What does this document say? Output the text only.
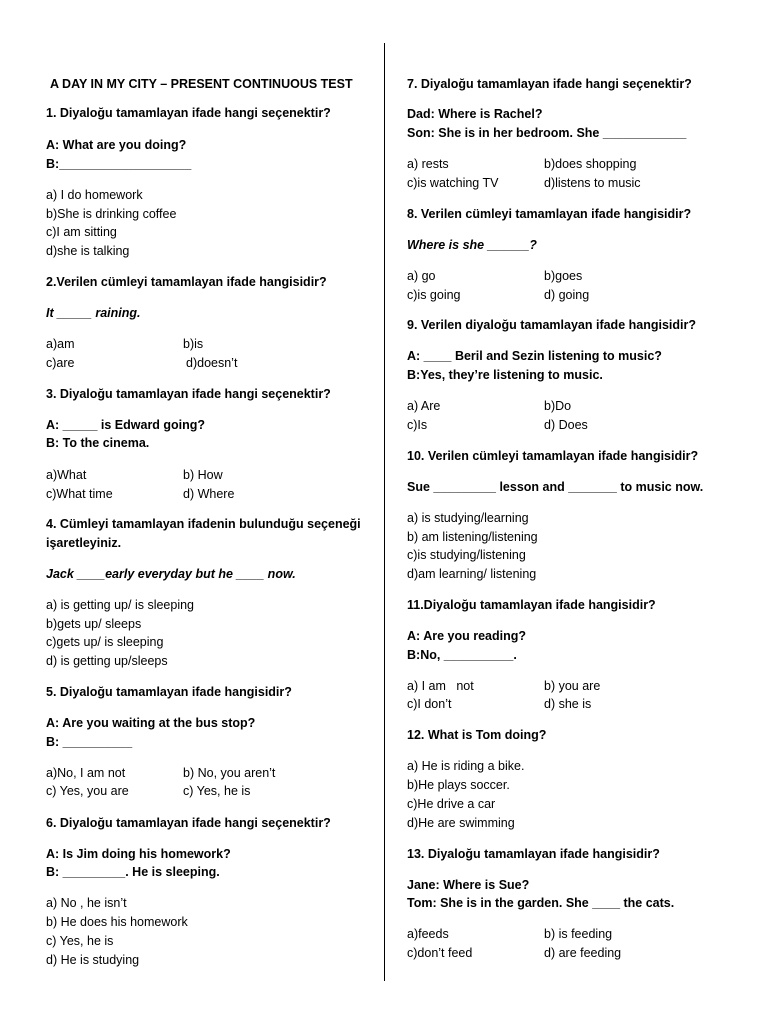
A DAY IN MY CITY – PRESENT CONTINUOUS TEST
1. Diyaloğu tamamlayan ifade hangi seçenektir?
A: What are you doing?
B:___________________
a) I do homework
b)She is drinking coffee
c)I am sitting
d)she is talking
2.Verilen cümleyi tamamlayan ifade hangisidir?
It _____ raining.
a)am	b)is
c)are	d)doesn’t
3. Diyaloğu tamamlayan ifade hangi seçenektir?
A: _____ is Edward going?
B: To the cinema.
a)What	b) How
c)What time	d) Where
4. Cümleyi tamamlayan ifadenin bulunduğu seçeneği
işaretleyiniz.
Jack ____early everyday but he ____ now.
a) is getting up/ is sleeping
b)gets up/ sleeps
c)gets up/ is sleeping
d) is getting up/sleeps
5. Diyaloğu tamamlayan ifade hangisidir?
A: Are you waiting at the bus stop?
B: __________
a)No, I am not	b) No, you aren’t
c) Yes, you are	c) Yes, he is
6. Diyaloğu tamamlayan ifade hangi seçenektir?
A: Is Jim doing his homework?
B: _________. He is sleeping.
a) No , he isn’t
b) He does his homework
c) Yes, he is
d) He is studying
7. Diyaloğu tamamlayan ifade hangi seçenektir?
Dad: Where is Rachel?
Son: She is in her bedroom. She ____________
a) rests	b)does shopping
c)is watching TV	d)listens to music
8. Verilen cümleyi tamamlayan ifade hangisidir?
Where is she ______?
a) go	b)goes
c)is going	d) going
9. Verilen diyaloğu tamamlayan ifade hangisidir?
A: ____ Beril and Sezin listening to music?
B:Yes, they’re listening to music.
a) Are	b)Do
c)Is	d) Does
10. Verilen cümleyi tamamlayan ifade hangisidir?
Sue _________ lesson and _______ to music now.
a) is studying/learning
b) am listening/listening
c)is studying/listening
d)am learning/ listening
11.Diyaloğu tamamlayan ifade hangisidir?
A: Are you reading?
B:No, __________.
a) I am   not	b) you are
c)I don’t	d) she is
12. What is Tom doing?
a) He is riding a bike.
b)He plays soccer.
c)He drive a car
d)He are swimming
13. Diyaloğu tamamlayan ifade hangisidir?
Jane: Where is Sue?
Tom: She is in the garden. She ____ the cats.
a)feeds	b) is feeding
c)don’t feed	d) are feeding
